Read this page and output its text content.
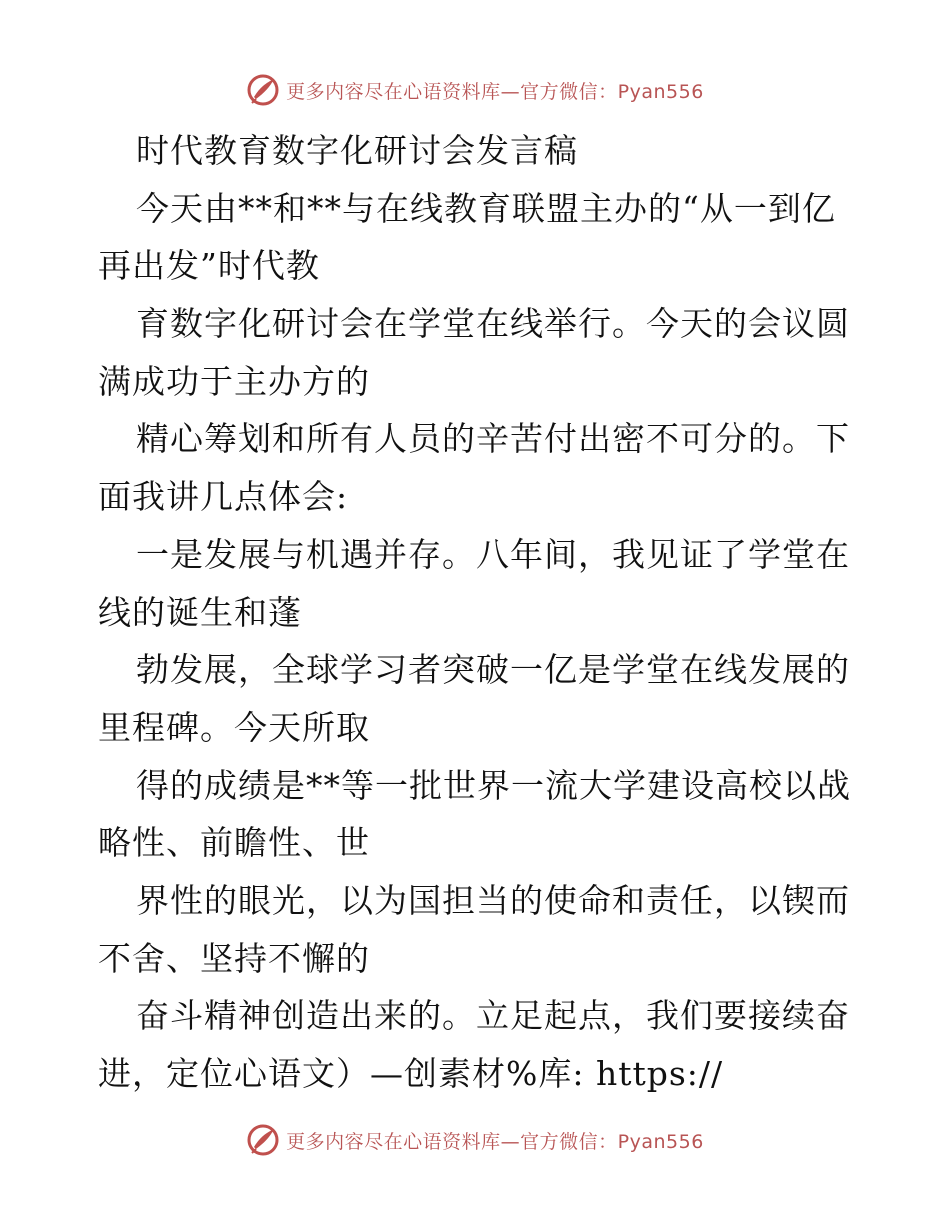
更多内容尽在心语资料库—官方微信：Pyan556
时代教育数字化研讨会发言稿
今天由**和**与在线教育联盟主办的“从一到亿
再出发”时代教
育数字化研讨会在学堂在线举行。今天的会议圆
满成功于主办方的
精心筹划和所有人员的辛苦付出密不可分的。下
面我讲几点体会:
一是发展与机遇并存。八年间，我见证了学堂在
线的诞生和蓬
勃发展，全球学习者突破一亿是学堂在线发展的
里程碑。今天所取
得的成绩是**等一批世界一流大学建设高校以战
略性、前瞻性、世
界性的眼光，以为国担当的使命和责任，以锲而
不舍、坚持不懈的
奋斗精神创造出来的。立足起点，我们要接续奋
进，定位心语文）—创素材%库: https://
更多内容尽在心语资料库—官方微信：Pyan556
